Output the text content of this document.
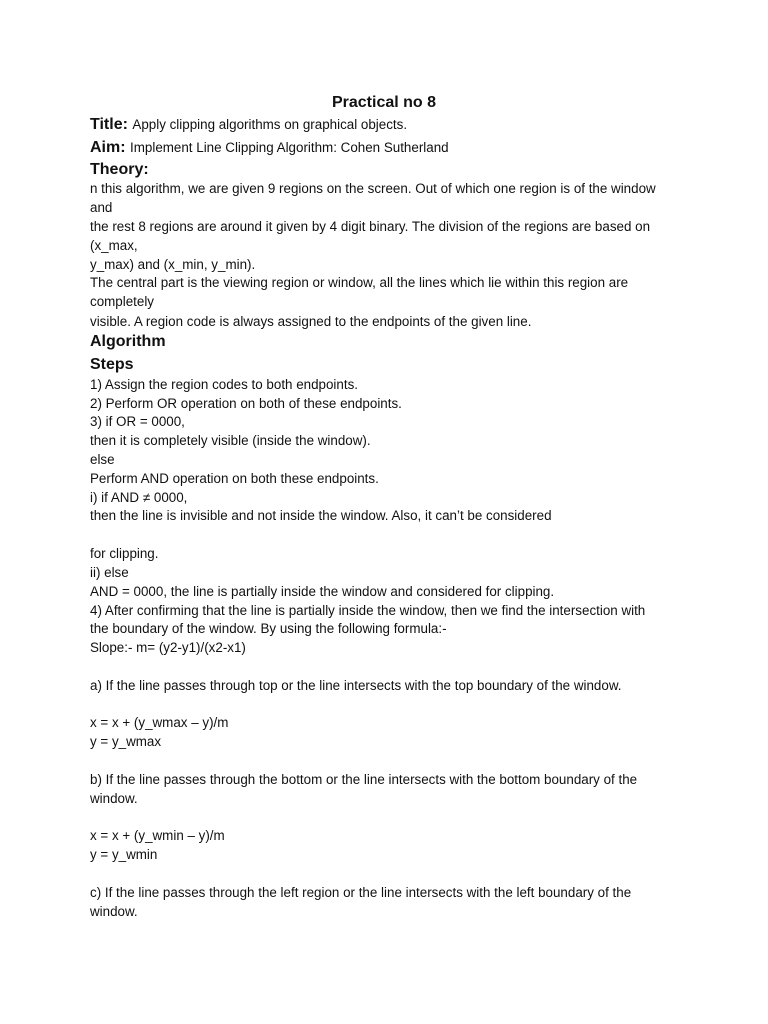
Practical no 8
Title: Apply clipping algorithms on graphical objects.
Aim: Implement Line Clipping Algorithm: Cohen Sutherland
Theory:
n this algorithm, we are given 9 regions on the screen. Out of which one region is of the window
and
the rest 8 regions are around it given by 4 digit binary. The division of the regions are based on
(x_max,
y_max) and (x_min, y_min).
The central part is the viewing region or window, all the lines which lie within this region are
completely
visible. A region code is always assigned to the endpoints of the given line.
Algorithm
Steps
1) Assign the region codes to both endpoints.
2) Perform OR operation on both of these endpoints.
3) if OR = 0000,
then it is completely visible (inside the window).
else
Perform AND operation on both these endpoints.
i) if AND ≠ 0000,
then the line is invisible and not inside the window. Also, it can’t be considered
for clipping.
ii) else
AND = 0000, the line is partially inside the window and considered for clipping.
4) After confirming that the line is partially inside the window, then we find the intersection with
the boundary of the window. By using the following formula:-
Slope:- m= (y2-y1)/(x2-x1)
a) If the line passes through top or the line intersects with the top boundary of the window.
x = x + (y_wmax – y)/m
y = y_wmax
b) If the line passes through the bottom or the line intersects with the bottom boundary of the
window.
x = x + (y_wmin – y)/m
y = y_wmin
c) If the line passes through the left region or the line intersects with the left boundary of the
window.
